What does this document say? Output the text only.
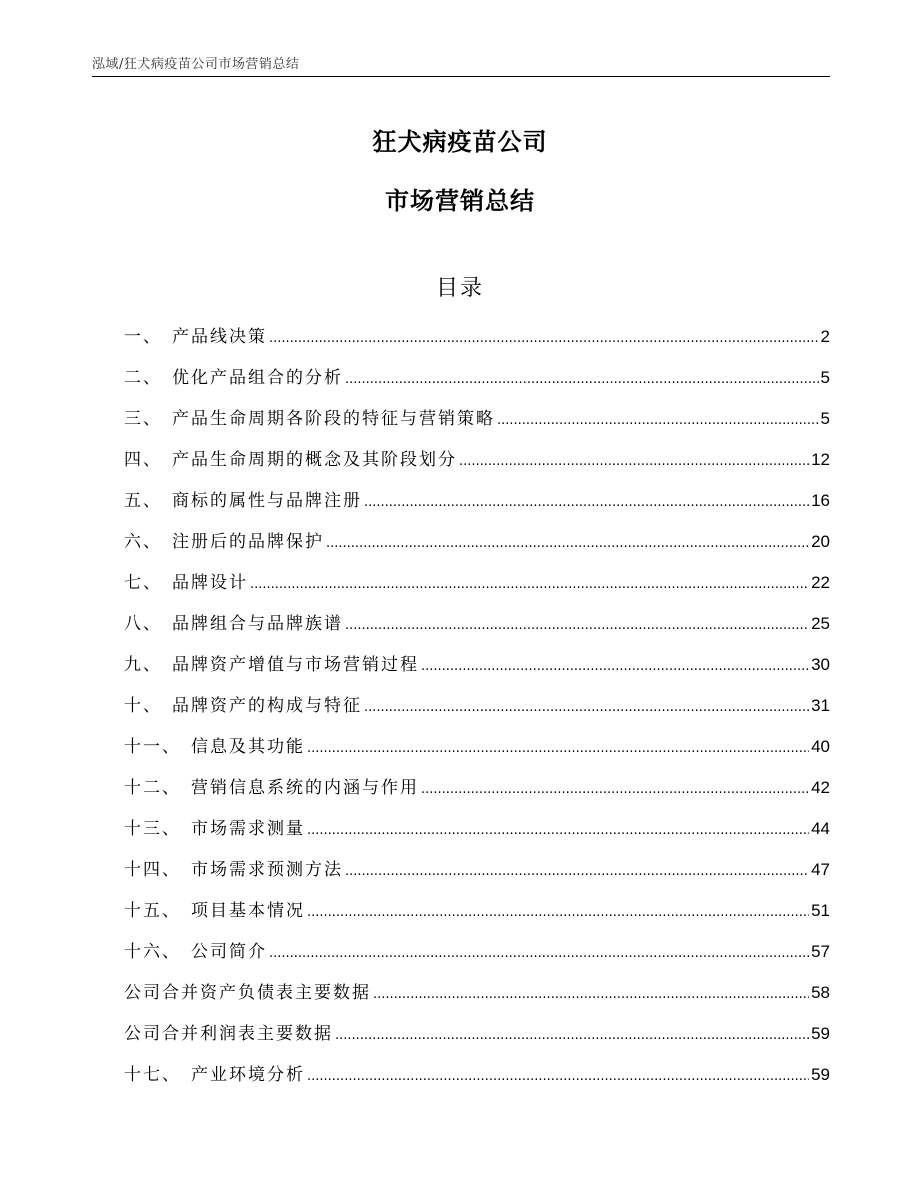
泓域/狂犬病疫苗公司市场营销总结
狂犬病疫苗公司
市场营销总结
目录
一、 产品线决策 .....	2
二、 优化产品组合的分析 .....	5
三、 产品生命周期各阶段的特征与营销策略 .....	5
四、 产品生命周期的概念及其阶段划分 .....	12
五、 商标的属性与品牌注册 .....	16
六、 注册后的品牌保护 .....	20
七、 品牌设计 .....	22
八、 品牌组合与品牌族谱 .....	25
九、 品牌资产增值与市场营销过程 .....	30
十、 品牌资产的构成与特征 .....	31
十一、 信息及其功能 .....	40
十二、 营销信息系统的内涵与作用 .....	42
十三、 市场需求测量 .....	44
十四、 市场需求预测方法 .....	47
十五、 项目基本情况 .....	51
十六、 公司简介 .....	57
公司合并资产负债表主要数据 .....	58
公司合并利润表主要数据 .....	59
十七、 产业环境分析 .....	59
